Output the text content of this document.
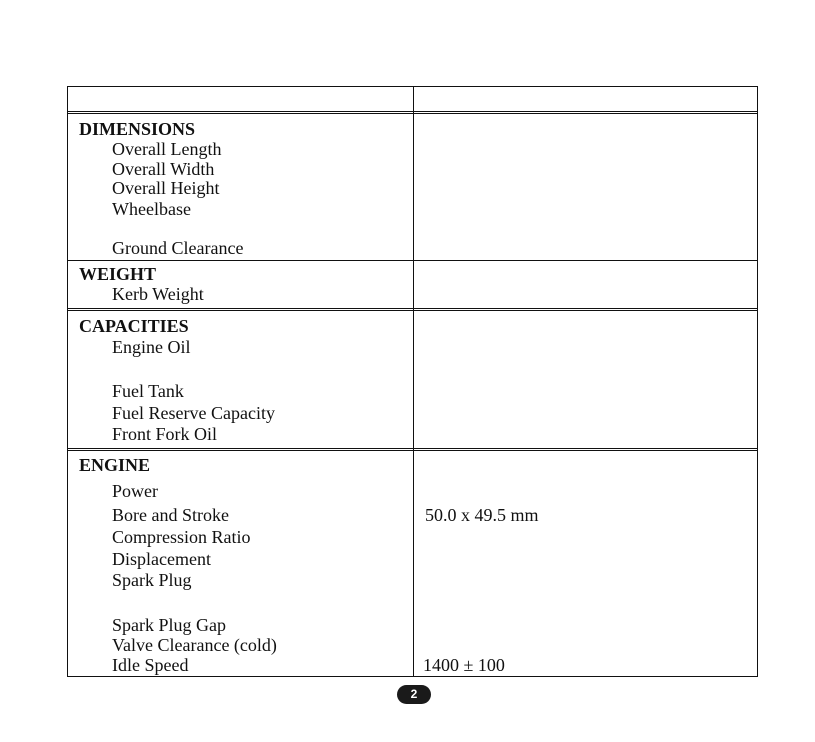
DIMENSIONS
Overall Length
Overall Width
Overall Height
Wheelbase
Ground Clearance
WEIGHT
Kerb Weight
CAPACITIES
Engine Oil
Fuel Tank
Fuel Reserve Capacity
Front Fork Oil
ENGINE
Power
Bore and Stroke	50.0 x 49.5 mm
Compression Ratio
Displacement
Spark Plug
Spark Plug Gap
Valve Clearance (cold)
Idle Speed	1400 ± 100
2
